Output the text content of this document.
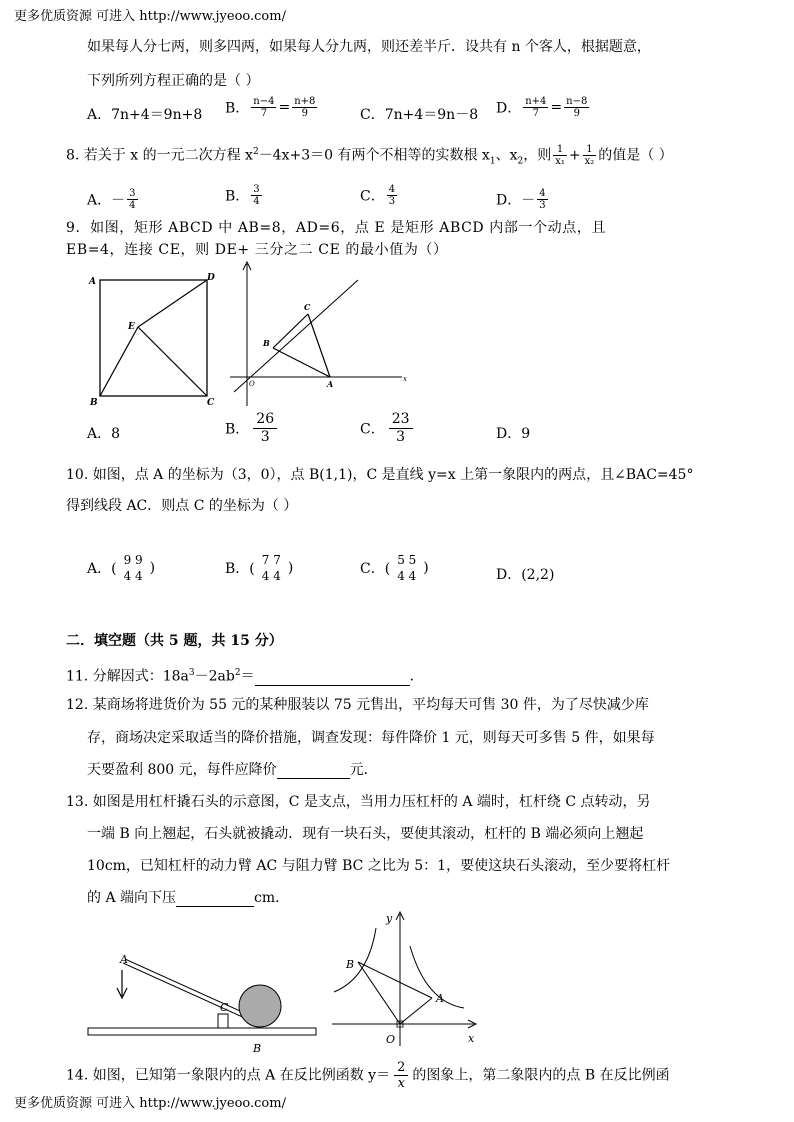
更多优质资源 可进入 http://www.jyeoo.com/
如果每人分七两，则多四两，如果每人分九两，则还差半斤．设共有 n 个客人，根据题意，
下列所列方程正确的是（ ）
A．7n+4＝9n+8 B． $\frac{n-4}{7} = \frac{n+8}{9}$	C．7n+4＝9n－8 D． $\frac{n+4}{7} = \frac{n-8}{9}$
8. 若关于 x 的一元二次方程 $x^2-4x+3=0$ 有两个不相等的实数根 $x_1$、$x_2$，则 $\frac{1}{\text{x₁}} + \frac{1}{\text{x₂}}$ 的值是（ ）
A．－ $\frac{3}{4}$	B． $\frac{3}{4}$	C． $\frac{4}{3}$	D．－ $\frac{4}{3}$
9．如图，矩形 ABCD 中 AB=8，AD=6，点 E 是矩形 ABCD 内部一个动点，且
EB=4，连接 CE，则 DE+ 三分之二 CE 的最小值为（）
A	D
E
B	C
C
B
O	A	x
A．8	B． $\frac{26}{3}$	C． $\frac{23}{3}$	D．9
10. 如图，点 A 的坐标为（3，0），点 B(1,1)，C 是直线 y=x 上第一象限内的两点，且∠BAC=45°
得到线段 AC．则点 C 的坐标为（ ）
A．(
9 9
4 4 )	B．(
7 7
4 4 )	C．(
5 5
4 4 )	D．(2,2)
二．填空题（共 5 题，共 15 分）
11. 分解因式：$18a^3-2ab^2=$	．
12. 某商场将进货价为 55 元的某种服装以 75 元售出，平均每天可售 30 件，为了尽快减少库
存，商场决定采取适当的降价措施，调查发现：每件降价 1 元，则每天可多售 5 件，如果每
天要盈利 800 元，每件应降价	元．
13. 如图是用杠杆撬石头的示意图，C 是支点，当用力压杠杆的 A 端时，杠杆绕 C 点转动，另
一端 B 向上翘起，石头就被撬动．现有一块石头，要使其滚动，杠杆的 B 端必须向上翘起
10cm，已知杠杆的动力臂 AC 与阻力臂 BC 之比为 5：1，要使这块石头滚动，至少要将杠杆
的 A 端向下压	cm．
A
C
B
y
B
A
O	x
14. 如图，已知第一象限内的点 A 在反比例函数 $y= \frac{2}{x}$ 的图象上，第二象限内的点 B 在反比例函
更多优质资源 可进入 http://www.jyeoo.com/
